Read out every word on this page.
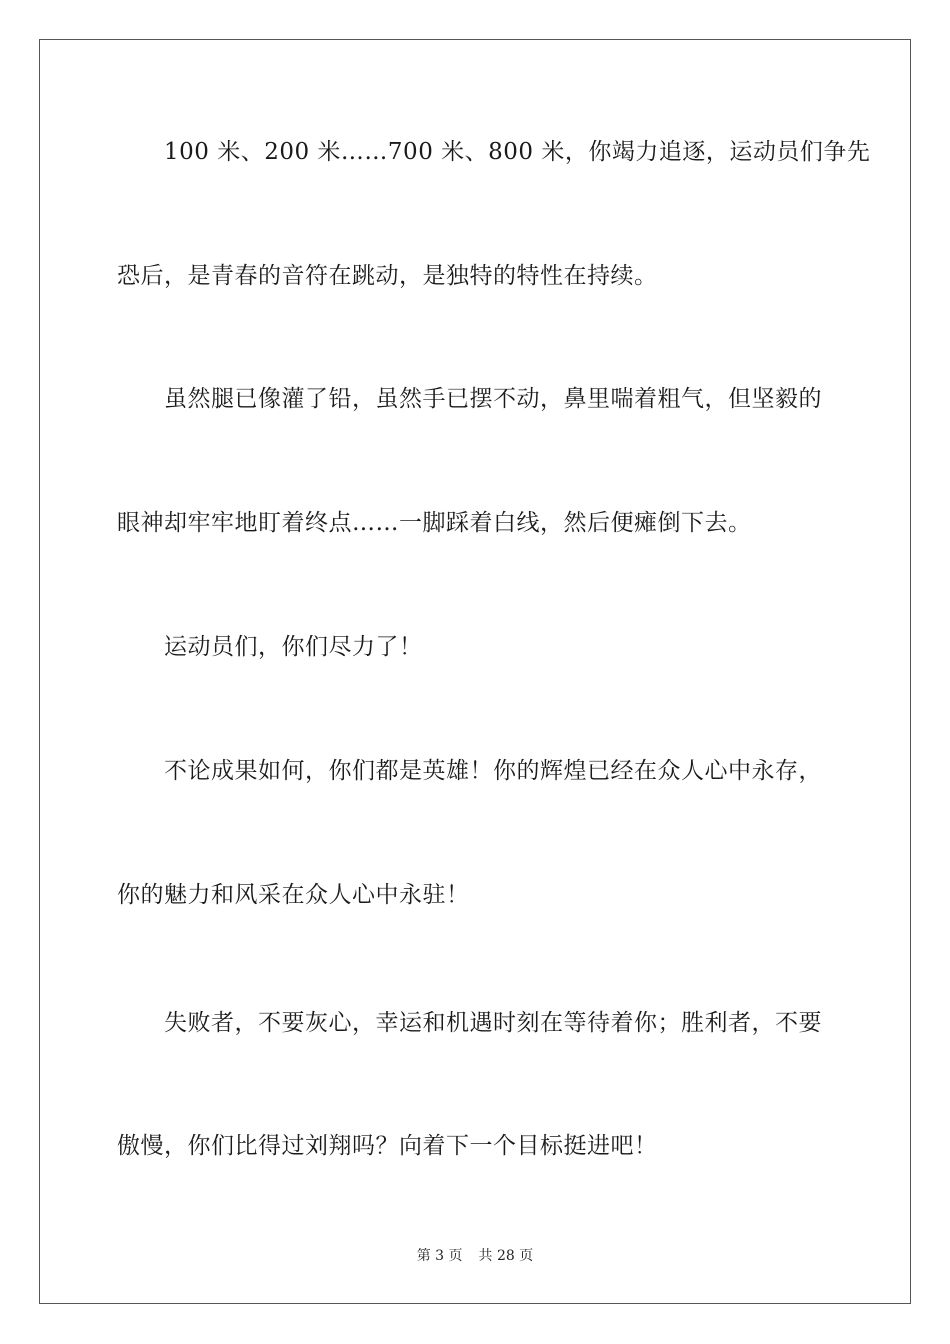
100 米、200 米……700 米、800 米，你竭力追逐，运动员们争先
恐后，是青春的音符在跳动，是独特的特性在持续。
虽然腿已像灌了铅，虽然手已摆不动，鼻里喘着粗气，但坚毅的
眼神却牢牢地盯着终点……一脚踩着白线，然后便瘫倒下去。
运动员们，你们尽力了！
不论成果如何，你们都是英雄！你的辉煌已经在众人心中永存，
你的魅力和风采在众人心中永驻！
失败者，不要灰心，幸运和机遇时刻在等待着你；胜利者，不要
傲慢，你们比得过刘翔吗？向着下一个目标挺进吧！
第 3 页 共 28 页
